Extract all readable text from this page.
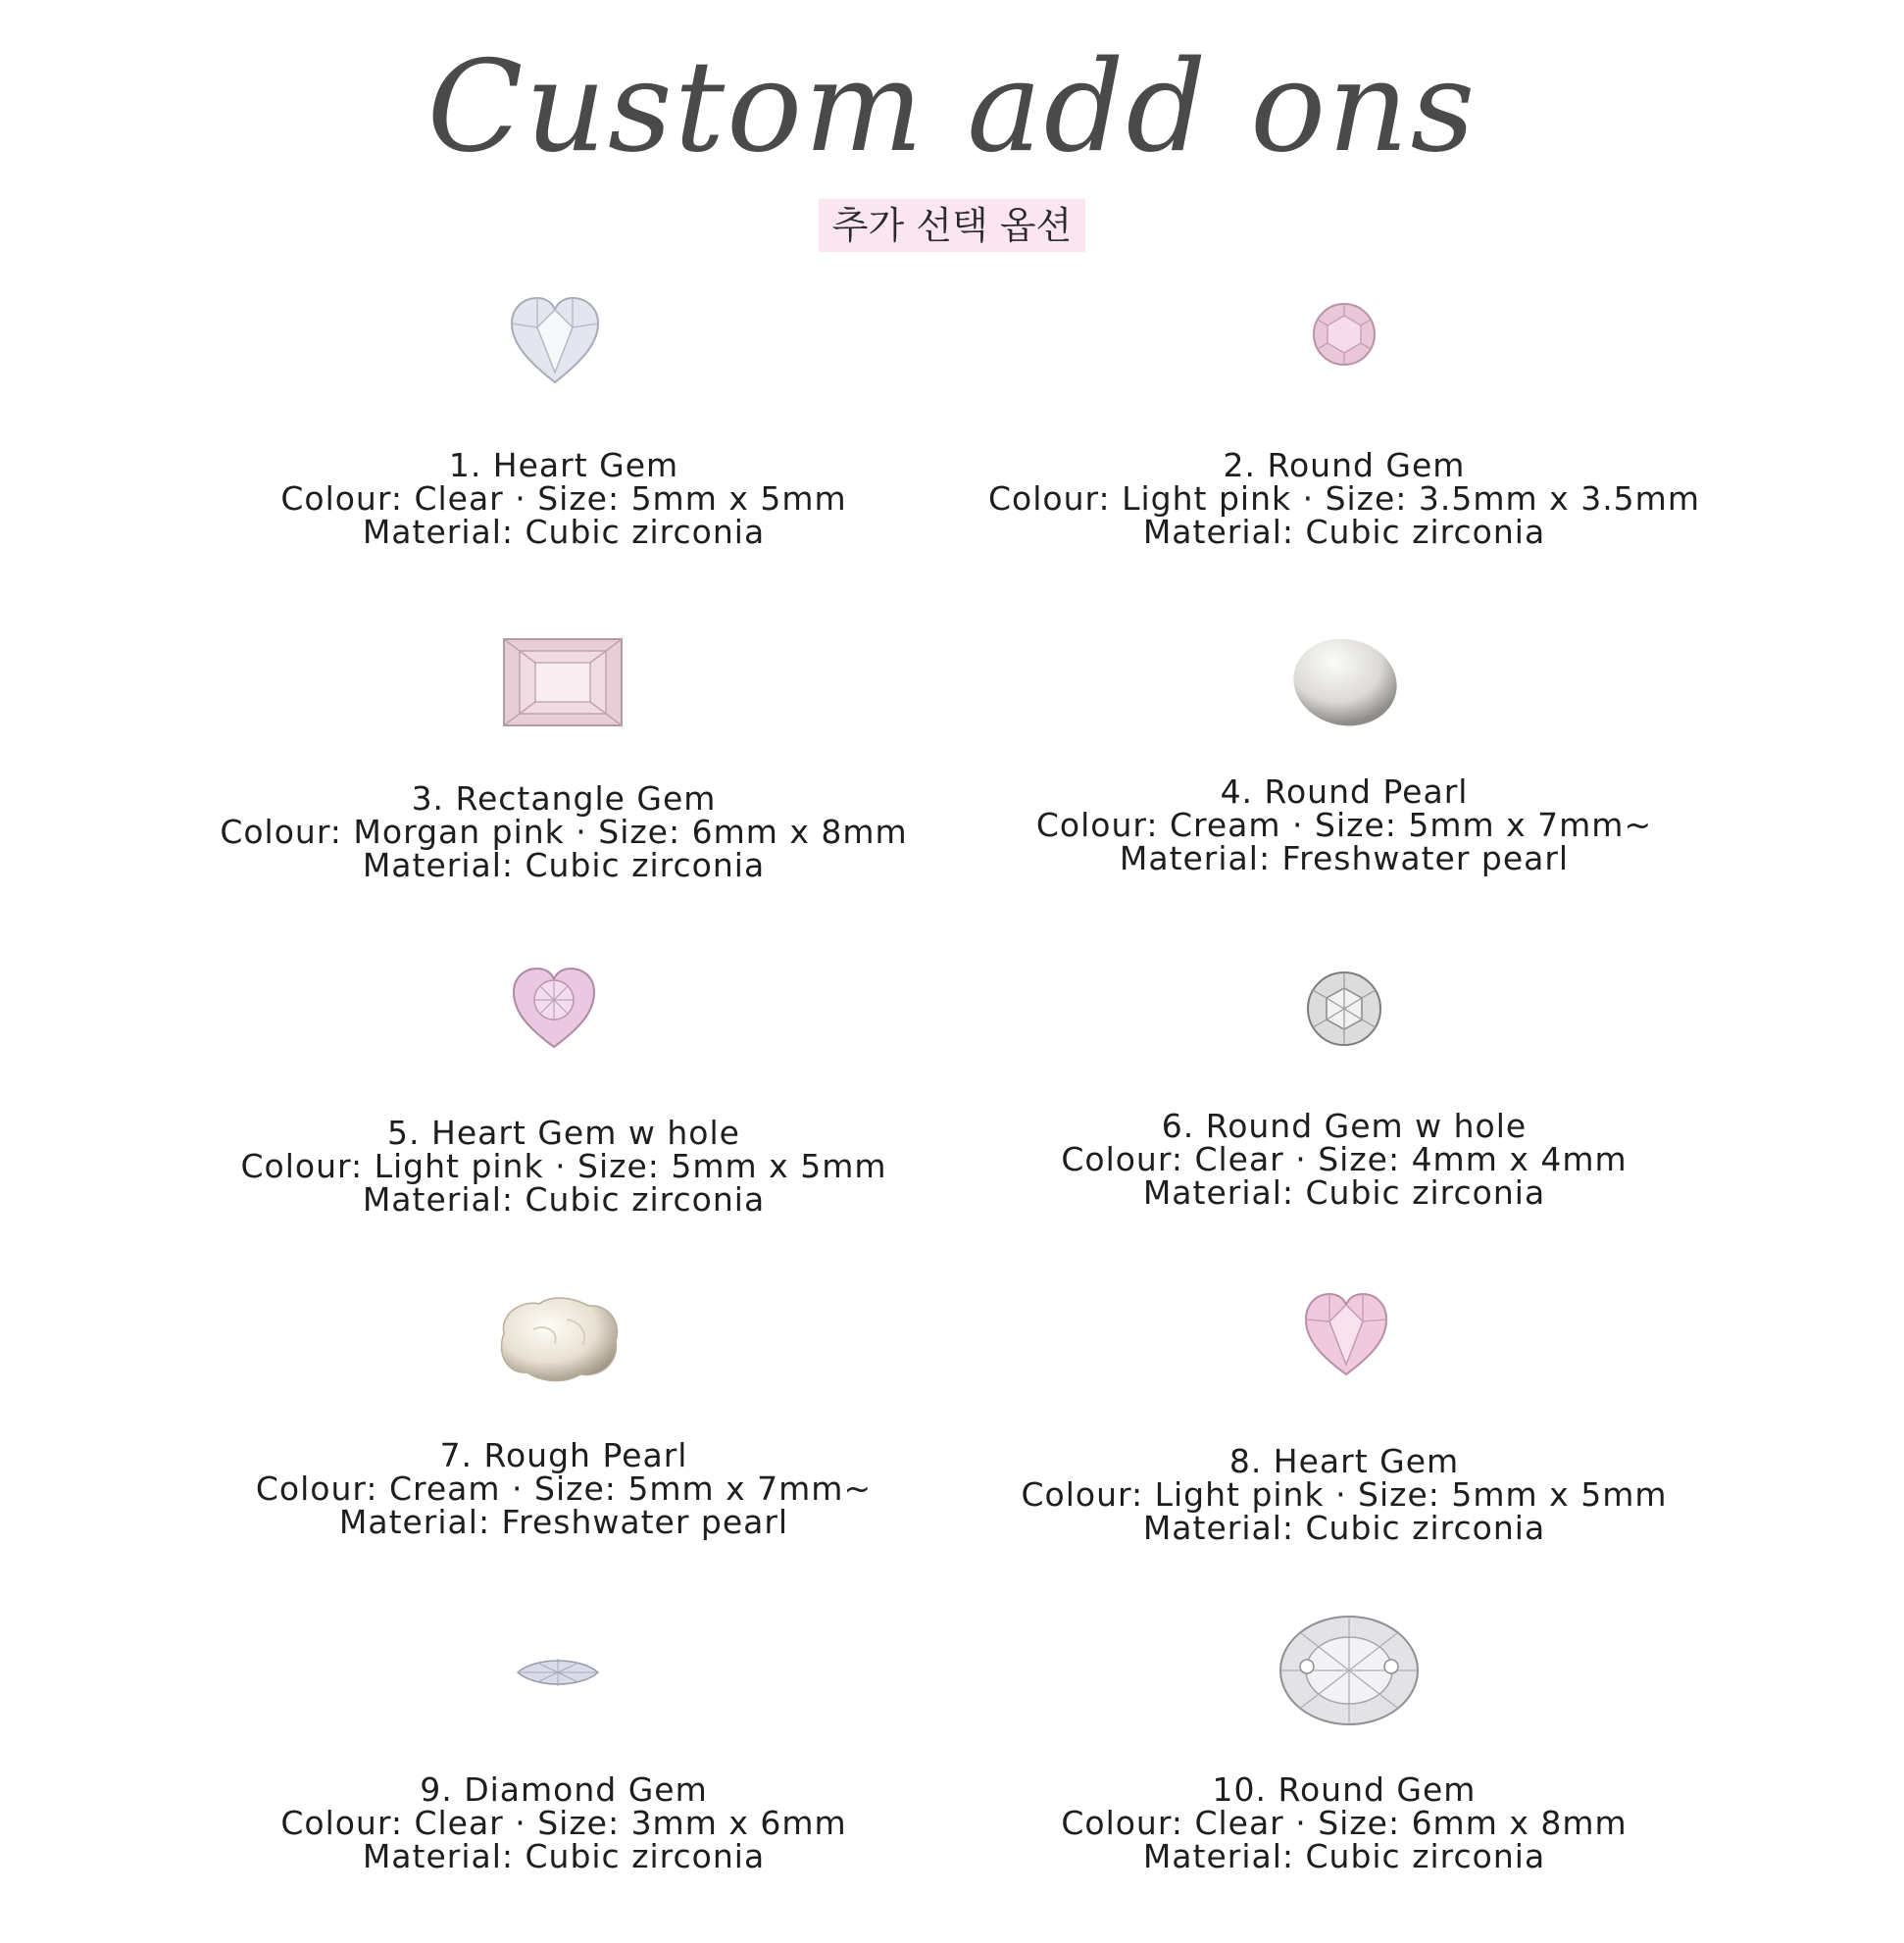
Custom add ons
추가 선택 옵션
1. Heart Gem
Colour: Clear · Size: 5mm x 5mm
Material: Cubic zirconia
2. Round Gem
Colour: Light pink · Size: 3.5mm x 3.5mm
Material: Cubic zirconia
3. Rectangle Gem
Colour: Morgan pink · Size: 6mm x 8mm
Material: Cubic zirconia
4. Round Pearl
Colour: Cream · Size: 5mm x 7mm~
Material: Freshwater pearl
5. Heart Gem w hole
Colour: Light pink · Size: 5mm x 5mm
Material: Cubic zirconia
6. Round Gem w hole
Colour: Clear · Size: 4mm x 4mm
Material: Cubic zirconia
7. Rough Pearl
Colour: Cream · Size: 5mm x 7mm~
Material: Freshwater pearl
8. Heart Gem
Colour: Light pink · Size: 5mm x 5mm
Material: Cubic zirconia
9. Diamond Gem
Colour: Clear · Size: 3mm x 6mm
Material: Cubic zirconia
10. Round Gem
Colour: Clear · Size: 6mm x 8mm
Material: Cubic zirconia
